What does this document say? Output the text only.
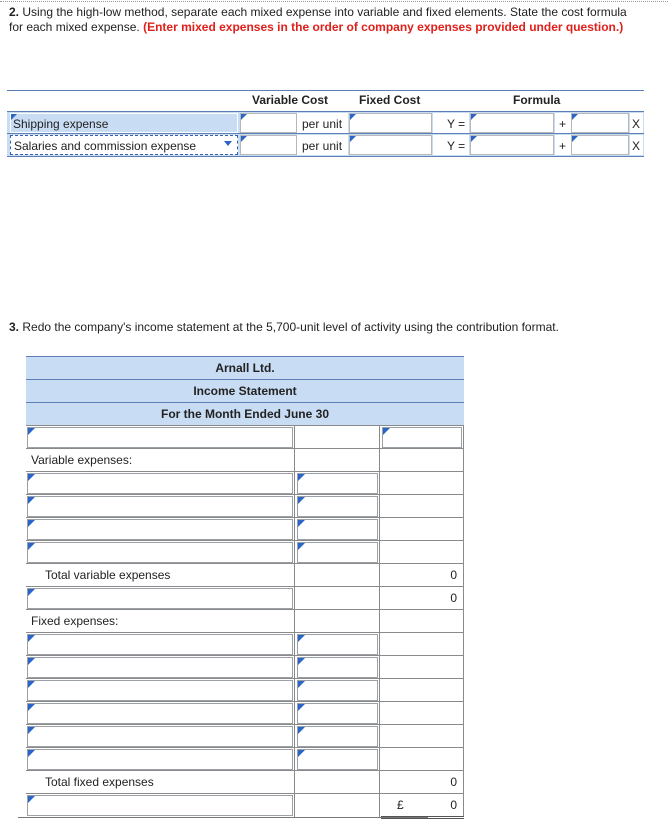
2. Using the high-low method, separate each mixed expense into variable and fixed elements. State the cost formula for each mixed expense. (Enter mixed expenses in the order of company expenses provided under question.)
Variable Cost	Fixed Cost	Formula
Shipping expense	per unit	Y =	+	X
Salaries and commission expense	per unit	Y =	+	X
3. Redo the company's income statement at the 5,700-unit level of activity using the contribution format.
Arnall Ltd.
Income Statement
For the Month Ended June 30
Variable expenses:
Total variable expenses	0
0
Fixed expenses:
Total fixed expenses	0
£	0
